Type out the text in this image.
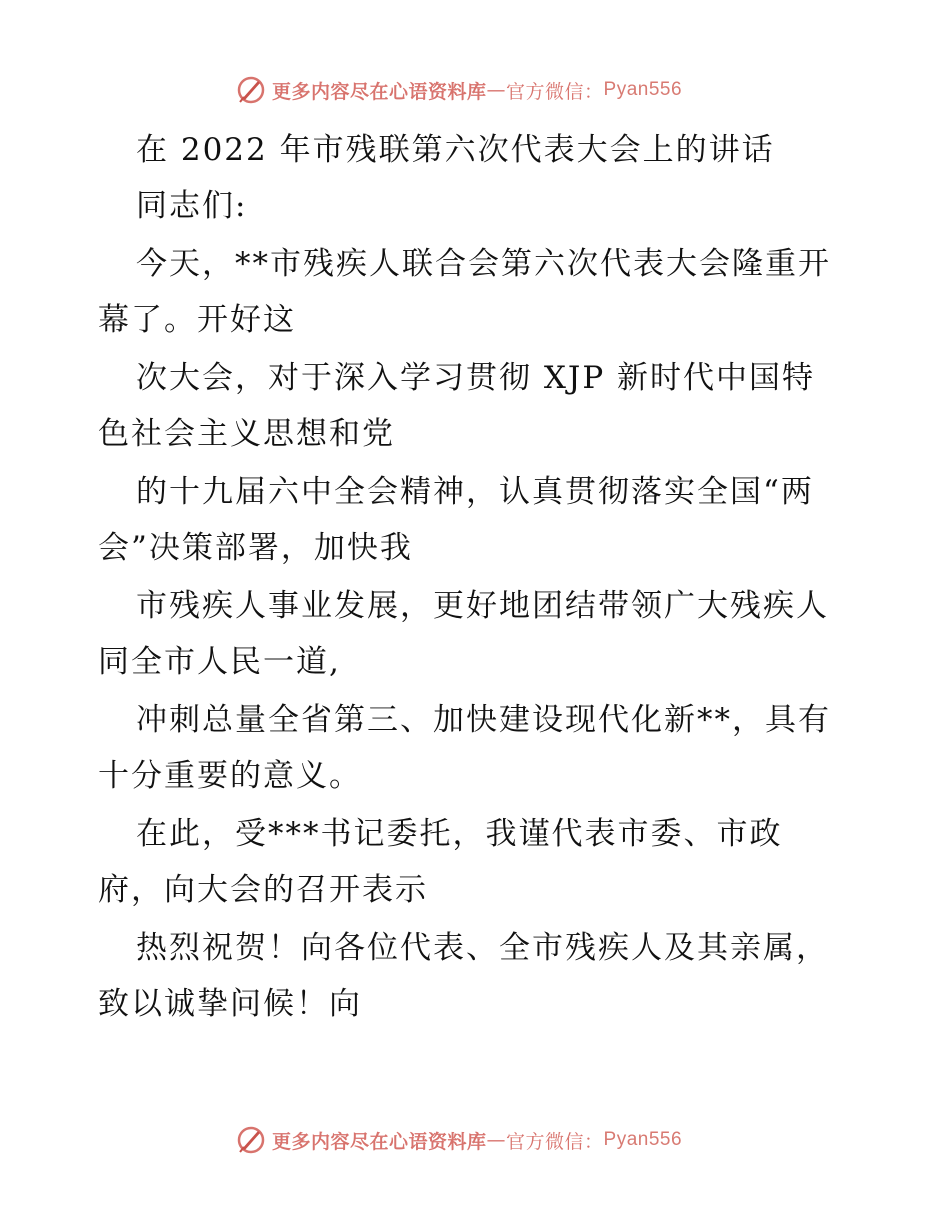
更多内容尽在心语资料库 — 官方微信： Pyan556
在 2022 年市残联第六次代表大会上的讲话
同志们:
今天，**市残疾人联合会第六次代表大会隆重开
幕了。开好这
次大会，对于深入学习贯彻 XJP 新时代中国特
色社会主义思想和党
的十九届六中全会精神，认真贯彻落实全国“两
会”决策部署，加快我
市残疾人事业发展，更好地团结带领广大残疾人
同全市人民一道,
冲刺总量全省第三、加快建设现代化新**，具有
十分重要的意义。
在此，受***书记委托，我谨代表市委、市政
府，向大会的召开表示
热烈祝贺！向各位代表、全市残疾人及其亲属，
致以诚挚问候！向
更多内容尽在心语资料库 — 官方微信： Pyan556
